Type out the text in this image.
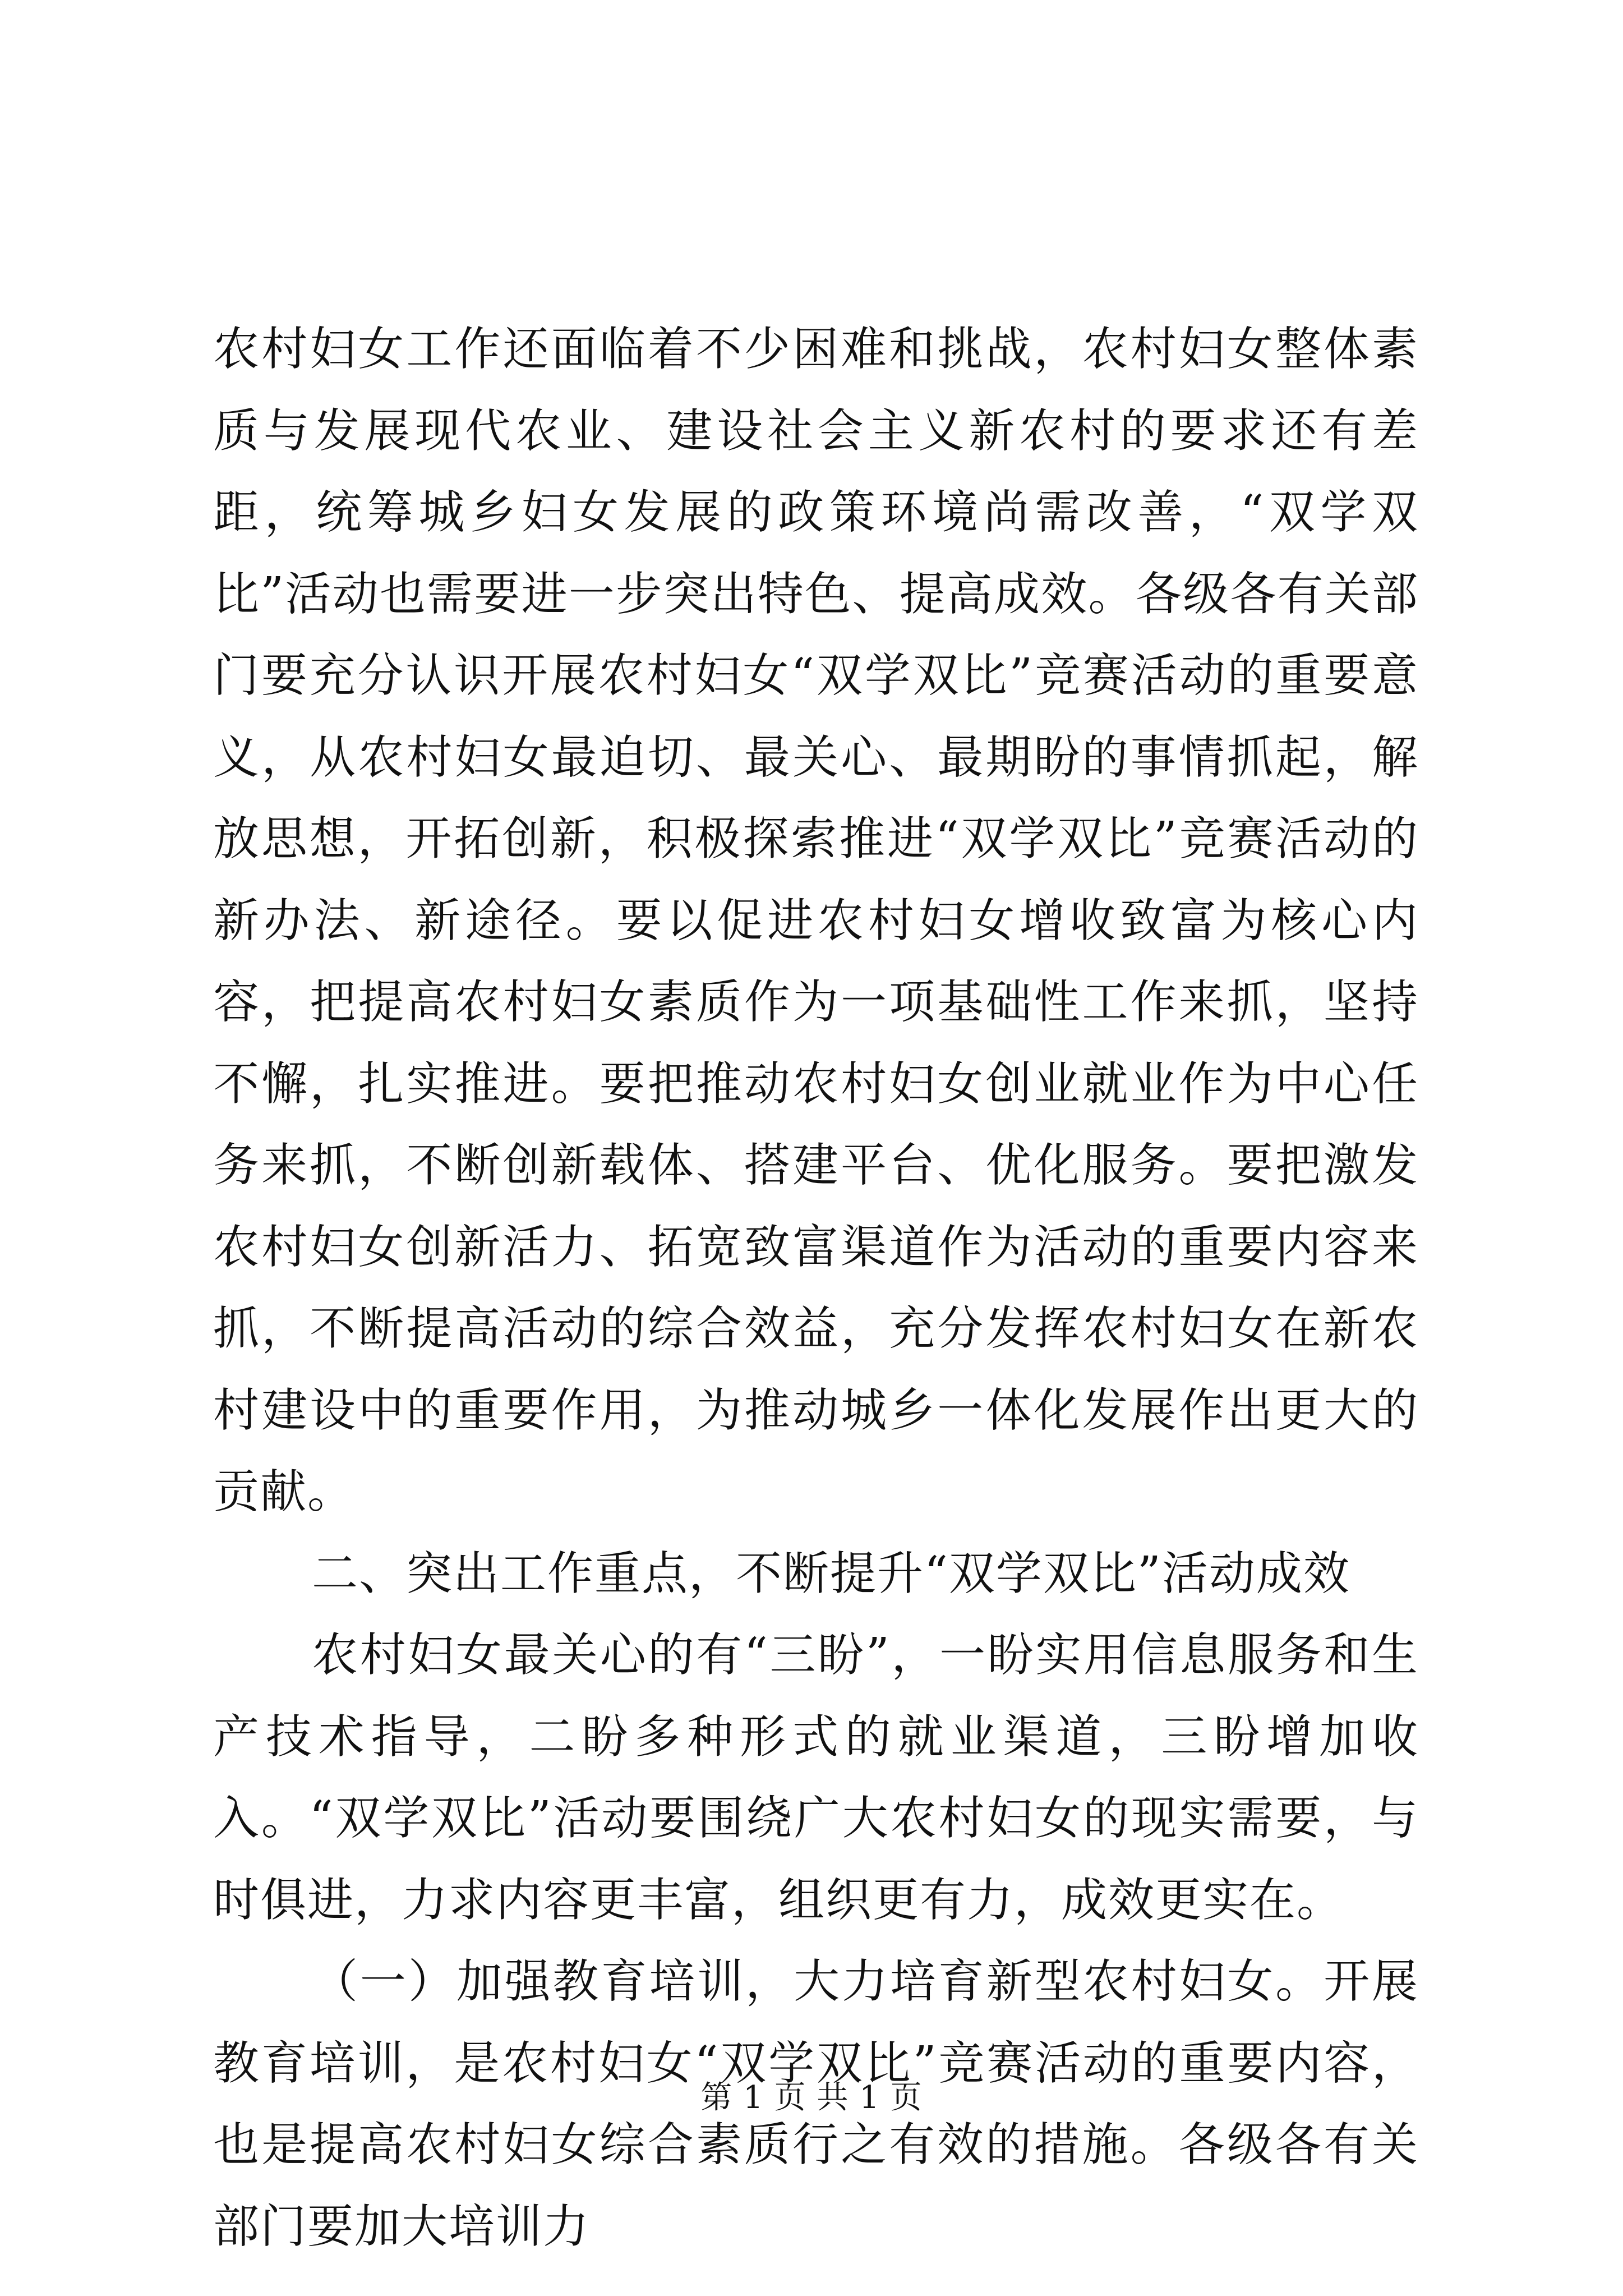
农村妇女工作还面临着不少困难和挑战，农村妇女整体素质与发展现代农业、建设社会主义新农村的要求还有差距，统筹城乡妇女发展的政策环境尚需改善，“双学双比”活动也需要进一步突出特色、提高成效。各级各有关部门要充分认识开展农村妇女“双学双比”竞赛活动的重要意义，从农村妇女最迫切、最关心、最期盼的事情抓起，解放思想，开拓创新，积极探索推进“双学双比”竞赛活动的新办法、新途径。要以促进农村妇女增收致富为核心内容，把提高农村妇女素质作为一项基础性工作来抓，坚持不懈，扎实推进。要把推动农村妇女创业就业作为中心任务来抓，不断创新载体、搭建平台、优化服务。要把激发农村妇女创新活力、拓宽致富渠道作为活动的重要内容来抓，不断提高活动的综合效益，充分发挥农村妇女在新农村建设中的重要作用，为推动城乡一体化发展作出更大的贡献。

二、突出工作重点，不断提升“双学双比”活动成效

农村妇女最关心的有“三盼”，一盼实用信息服务和生产技术指导，二盼多种形式的就业渠道，三盼增加收入。“双学双比”活动要围绕广大农村妇女的现实需要，与时俱进，力求内容更丰富，组织更有力，成效更实在。

（一）加强教育培训，大力培育新型农村妇女。开展教育培训，是农村妇女“双学双比”竞赛活动的重要内容，也是提高农村妇女综合素质行之有效的措施。各级各有关部门要加大培训力

第 1 页 共 1 页
